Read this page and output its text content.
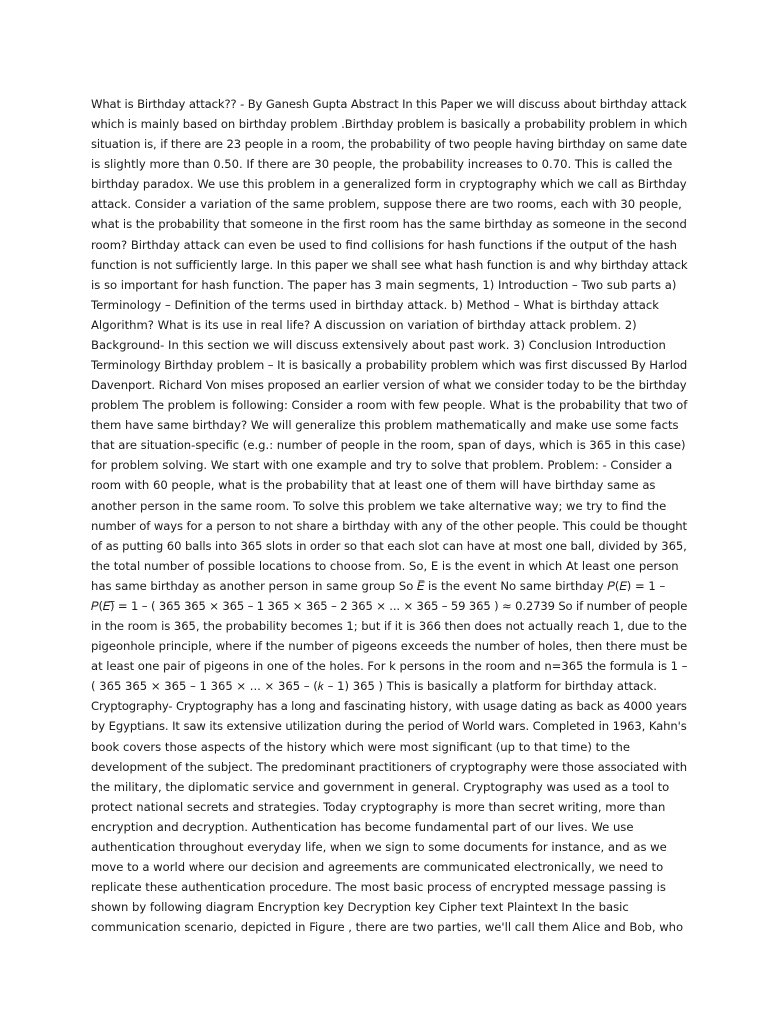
What is Birthday attack?? - By Ganesh Gupta Abstract In this Paper we will discuss about birthday attack
which is mainly based on birthday problem .Birthday problem is basically a probability problem in which
situation is, if there are 23 people in a room, the probability of two people having birthday on same date
is slightly more than 0.50. If there are 30 people, the probability increases to 0.70. This is called the
birthday paradox. We use this problem in a generalized form in cryptography which we call as Birthday
attack. Consider a variation of the same problem, suppose there are two rooms, each with 30 people,
what is the probability that someone in the first room has the same birthday as someone in the second
room? Birthday attack can even be used to find collisions for hash functions if the output of the hash
function is not sufficiently large. In this paper we shall see what hash function is and why birthday attack
is so important for hash function. The paper has 3 main segments, 1) Introduction – Two sub parts a)
Terminology – Definition of the terms used in birthday attack. b) Method – What is birthday attack
Algorithm? What is its use in real life? A discussion on variation of birthday attack problem. 2)
Background- In this section we will discuss extensively about past work. 3) Conclusion Introduction
Terminology Birthday problem – It is basically a probability problem which was first discussed By Harlod
Davenport. Richard Von mises proposed an earlier version of what we consider today to be the birthday
problem The problem is following: Consider a room with few people. What is the probability that two of
them have same birthday? We will generalize this problem mathematically and make use some facts
that are situation-specific (e.g.: number of people in the room, span of days, which is 365 in this case)
for problem solving. We start with one example and try to solve that problem. Problem: - Consider a
room with 60 people, what is the probability that at least one of them will have birthday same as
another person in the same room. To solve this problem we take alternative way; we try to find the
number of ways for a person to not share a birthday with any of the other people. This could be thought
of as putting 60 balls into 365 slots in order so that each slot can have at most one ball, divided by 365,
the total number of possible locations to choose from. So, E is the event in which At least one person
has same birthday as another person in same group So 𝐸̅ is the event No same birthday 𝑃(𝐸) = 1 –
𝑃(𝐸)̅ = 1 – ( 365 365 × 365 – 1 365 × 365 – 2 365 × ... × 365 – 59 365 ) ≈ 0.2739 So if number of people
in the room is 365, the probability becomes 1; but if it is 366 then does not actually reach 1, due to the
pigeonhole principle, where if the number of pigeons exceeds the number of holes, then there must be
at least one pair of pigeons in one of the holes. For k persons in the room and n=365 the formula is 1 –
( 365 365 × 365 – 1 365 × ... × 365 – (𝑘 – 1) 365 ) This is basically a platform for birthday attack.
Cryptography- Cryptography has a long and fascinating history, with usage dating as back as 4000 years
by Egyptians. It saw its extensive utilization during the period of World wars. Completed in 1963, Kahn's
book covers those aspects of the history which were most significant (up to that time) to the
development of the subject. The predominant practitioners of cryptography were those associated with
the military, the diplomatic service and government in general. Cryptography was used as a tool to
protect national secrets and strategies. Today cryptography is more than secret writing, more than
encryption and decryption. Authentication has become fundamental part of our lives. We use
authentication throughout everyday life, when we sign to some documents for instance, and as we
move to a world where our decision and agreements are communicated electronically, we need to
replicate these authentication procedure. The most basic process of encrypted message passing is
shown by following diagram Encryption key Decryption key Cipher text Plaintext In the basic
communication scenario, depicted in Figure , there are two parties, we'll call them Alice and Bob, who
